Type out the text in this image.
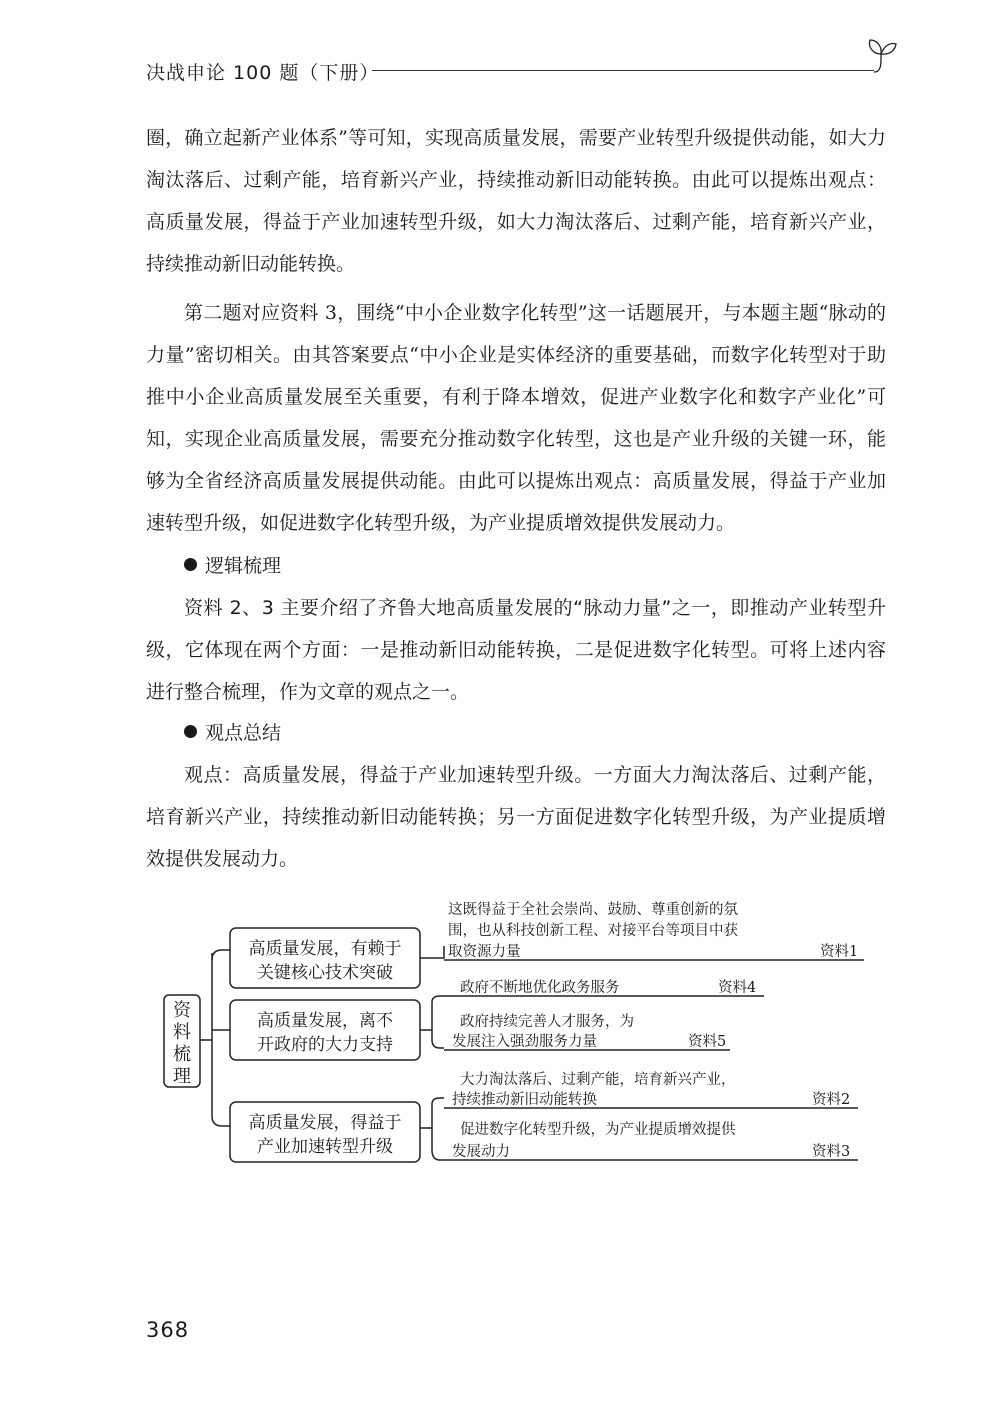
决战申论 100 题（下册）

圈，确立起新产业体系”等可知，实现高质量发展，需要产业转型升级提供动能，如大力淘汰落后、过剩产能，培育新兴产业，持续推动新旧动能转换。由此可以提炼出观点：高质量发展，得益于产业加速转型升级，如大力淘汰落后、过剩产能，培育新兴产业，持续推动新旧动能转换。

第二题对应资料 3，围绕“中小企业数字化转型”这一话题展开，与本题主题“脉动的力量”密切相关。由其答案要点“中小企业是实体经济的重要基础，而数字化转型对于助推中小企业高质量发展至关重要，有利于降本增效，促进产业数字化和数字产业化”可知，实现企业高质量发展，需要充分推动数字化转型，这也是产业升级的关键一环，能够为全省经济高质量发展提供动能。由此可以提炼出观点：高质量发展，得益于产业加速转型升级，如促进数字化转型升级，为产业提质增效提供发展动力。

逻辑梳理

资料 2、3 主要介绍了齐鲁大地高质量发展的“脉动力量”之一，即推动产业转型升级，它体现在两个方面：一是推动新旧动能转换，二是促进数字化转型。可将上述内容进行整合梳理，作为文章的观点之一。

观点总结

观点：高质量发展，得益于产业加速转型升级。一方面大力淘汰落后、过剩产能，培育新兴产业，持续推动新旧动能转换；另一方面促进数字化转型升级，为产业提质增效提供发展动力。

资
料
梳
理
高质量发展，有赖于
关键核心技术突破
高质量发展，离不
开政府的大力支持
高质量发展，得益于
产业加速转型升级
这既得益于全社会崇尚、鼓励、尊重创新的氛
围，也从科技创新工程、对接平台等项目中获
取资源力量
政府不断地优化政务服务
政府持续完善人才服务，为
发展注入强劲服务力量
大力淘汰落后、过剩产能，培育新兴产业，
持续推动新旧动能转换
促进数字化转型升级，为产业提质增效提供
发展动力
资料1
资料4
资料5
资料2
资料3
368
